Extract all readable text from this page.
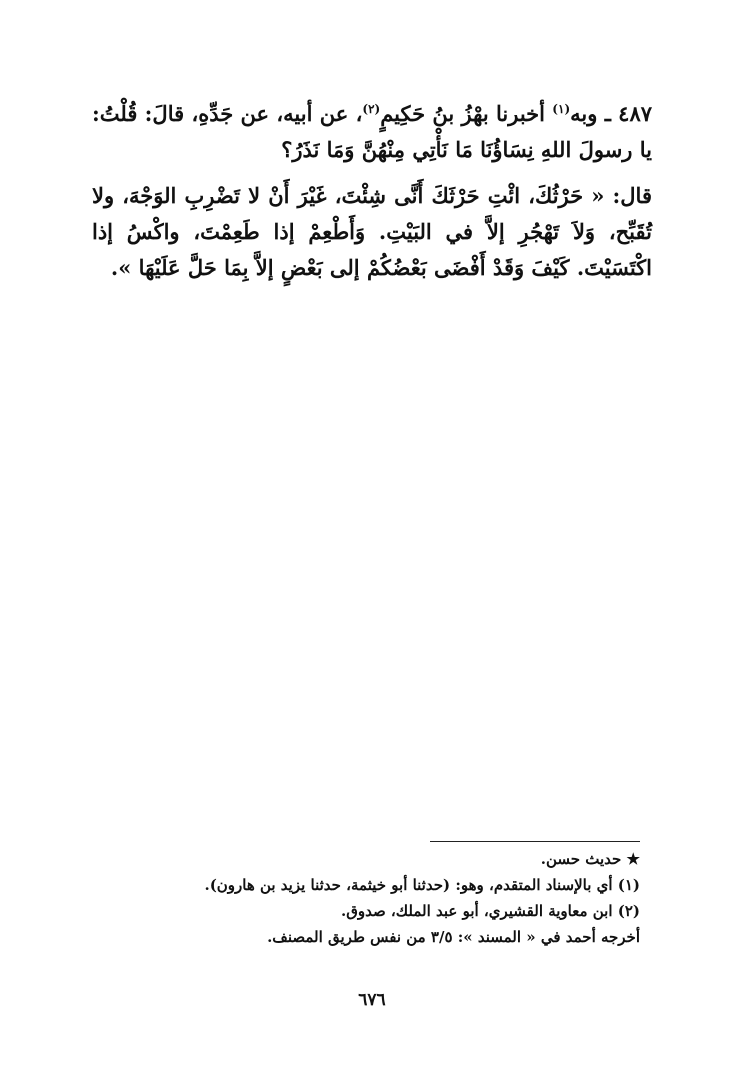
٤٨٧ ـ وبه$^{(١)}$ أخبرنا بهْزُ بنُ حَكِيمٍ$^{(٢)}$، عن أبيه، عن جَدِّهِ، قالَ: قُلْتُ: يا رسولَ اللهِ نِسَاؤُنَا مَا نَأْتِي مِنْهُنَّ وَمَا نَذَرُ؟

قال: « حَرْثُكَ، ائْتِ حَرْثَكَ أَنَّى شِئْتَ، غَيْرَ أَنْ لا تَضْرِبِ الوَجْهَ، ولا تُقَبِّح، وَلاَ تَهْجُرِ إلاَّ في البَيْتِ. وَأَطْعِمْ إذا طَعِمْتَ، واكْسُ إذا اكْتَسَيْتَ. كَيْفَ وَقَدْ أَفْضَى بَعْضُكُمْ إلى بَعْضٍ إلاَّ بِمَا حَلَّ عَلَيْهَا ».

★ حديث حسن.

(١) أي بالإسناد المتقدم، وهو: (حدثنا أبو خيثمة، حدثنا يزيد بن هارون).

(٢) ابن معاوية القشيري، أبو عبد الملك، صدوق.

أخرجه أحمد في « المسند »: ٣/٥ من نفس طريق المصنف.

٦٧٦
